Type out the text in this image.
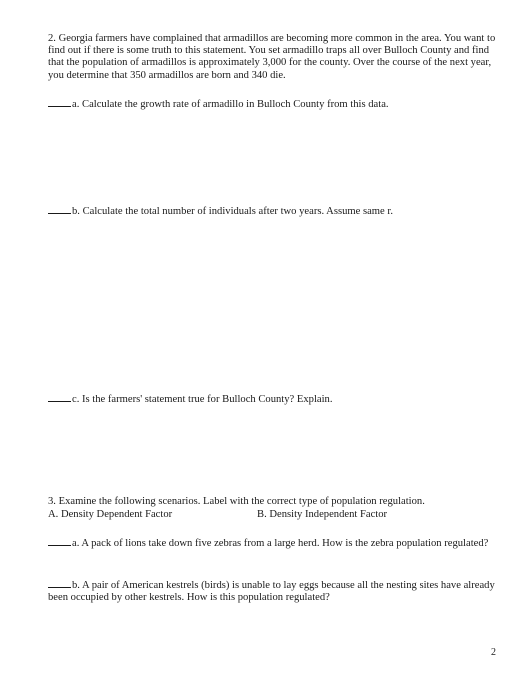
2. Georgia farmers have complained that armadillos are becoming more common in the area. You want to find out if there is some truth to this statement. You set armadillo traps all over Bulloch County and find that the population of armadillos is approximately 3,000 for the county. Over the course of the next year, you determine that 350 armadillos are born and 340 die.
a. Calculate the growth rate of armadillo in Bulloch County from this data.
b. Calculate the total number of individuals after two years. Assume same r.
c. Is the farmers' statement true for Bulloch County? Explain.
3. Examine the following scenarios. Label with the correct type of population regulation.
A. Density Dependent Factor	B. Density Independent Factor
a. A pack of lions take down five zebras from a large herd. How is the zebra population regulated?
b. A pair of American kestrels (birds) is unable to lay eggs because all the nesting sites have already been occupied by other kestrels. How is this population regulated?
2
